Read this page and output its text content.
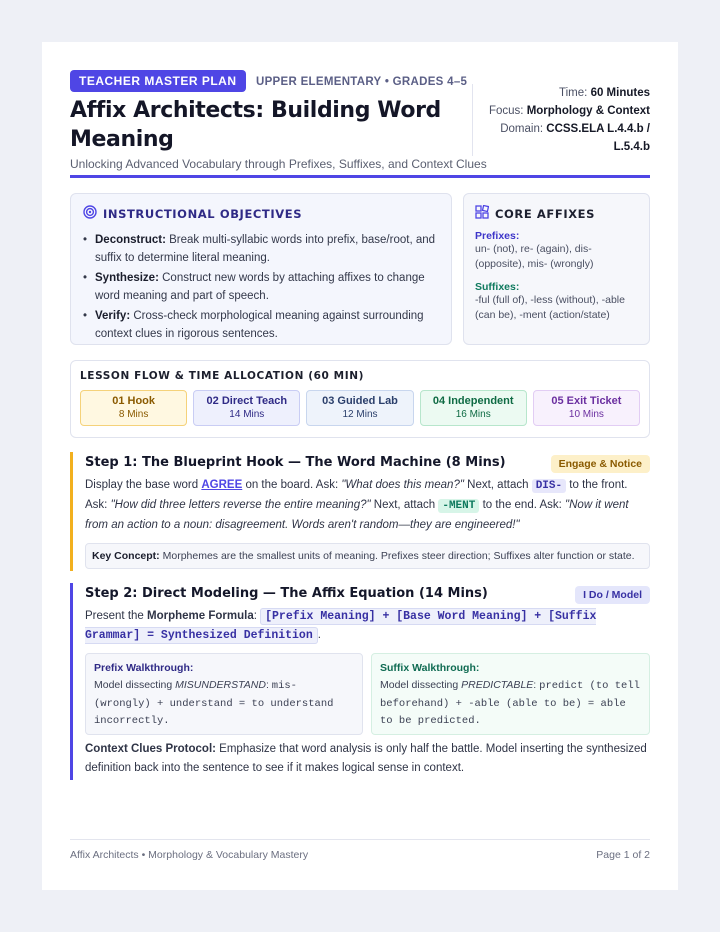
TEACHER MASTER PLAN UPPER ELEMENTARY • GRADES 4–5
Affix Architects: Building Word Meaning
Unlocking Advanced Vocabulary through Prefixes, Suffixes, and Context Clues
Time: 60 Minutes
Focus: Morphology & Context
Domain: CCSS.ELA L.4.4.b / L.5.4.b
INSTRUCTIONAL OBJECTIVES
• Deconstruct: Break multi-syllabic words into prefix, base/root, and suffix to determine literal meaning.
• Synthesize: Construct new words by attaching affixes to change word meaning and part of speech.
• Verify: Cross-check morphological meaning against surrounding context clues in rigorous sentences.
CORE AFFIXES
Prefixes:
un- (not), re- (again), dis- (opposite), mis- (wrongly)
Suffixes:
-ful (full of), -less (without), -able (can be), -ment (action/state)
LESSON FLOW & TIME ALLOCATION (60 MIN)
01 Hook
8 Mins
02 Direct Teach
14 Mins
03 Guided Lab
12 Mins
04 Independent
16 Mins
05 Exit Ticket
10 Mins
Step 1: The Blueprint Hook — The Word Machine (8 Mins)	Engage & Notice

Display the base word AGREE on the board. Ask: "What does this mean?" Next, attach DIS- to the front. Ask: "How did three letters reverse the entire meaning?" Next, attach -MENT to the end. Ask: "Now it went from an action to a noun: disagreement. Words aren't random—they are engineered!"

Key Concept: Morphemes are the smallest units of meaning. Prefixes steer direction; Suffixes alter function or state.
Step 2: Direct Modeling — The Affix Equation (14 Mins)	I Do / Model

Present the Morpheme Formula: [Prefix Meaning] + [Base Word Meaning] + [Suffix Grammar] = Synthesized Definition .

Prefix Walkthrough:
Model dissecting MISUNDERSTAND: mis- (wrongly) + understand = to understand incorrectly.
Suffix Walkthrough:
Model dissecting PREDICTABLE: predict (to tell beforehand) + -able (able to be) = able to be predicted.

Context Clues Protocol: Emphasize that word analysis is only half the battle. Model inserting the synthesized definition back into the sentence to see if it makes logical sense in context.

Affix Architects • Morphology & Vocabulary Mastery	Page 1 of 2
